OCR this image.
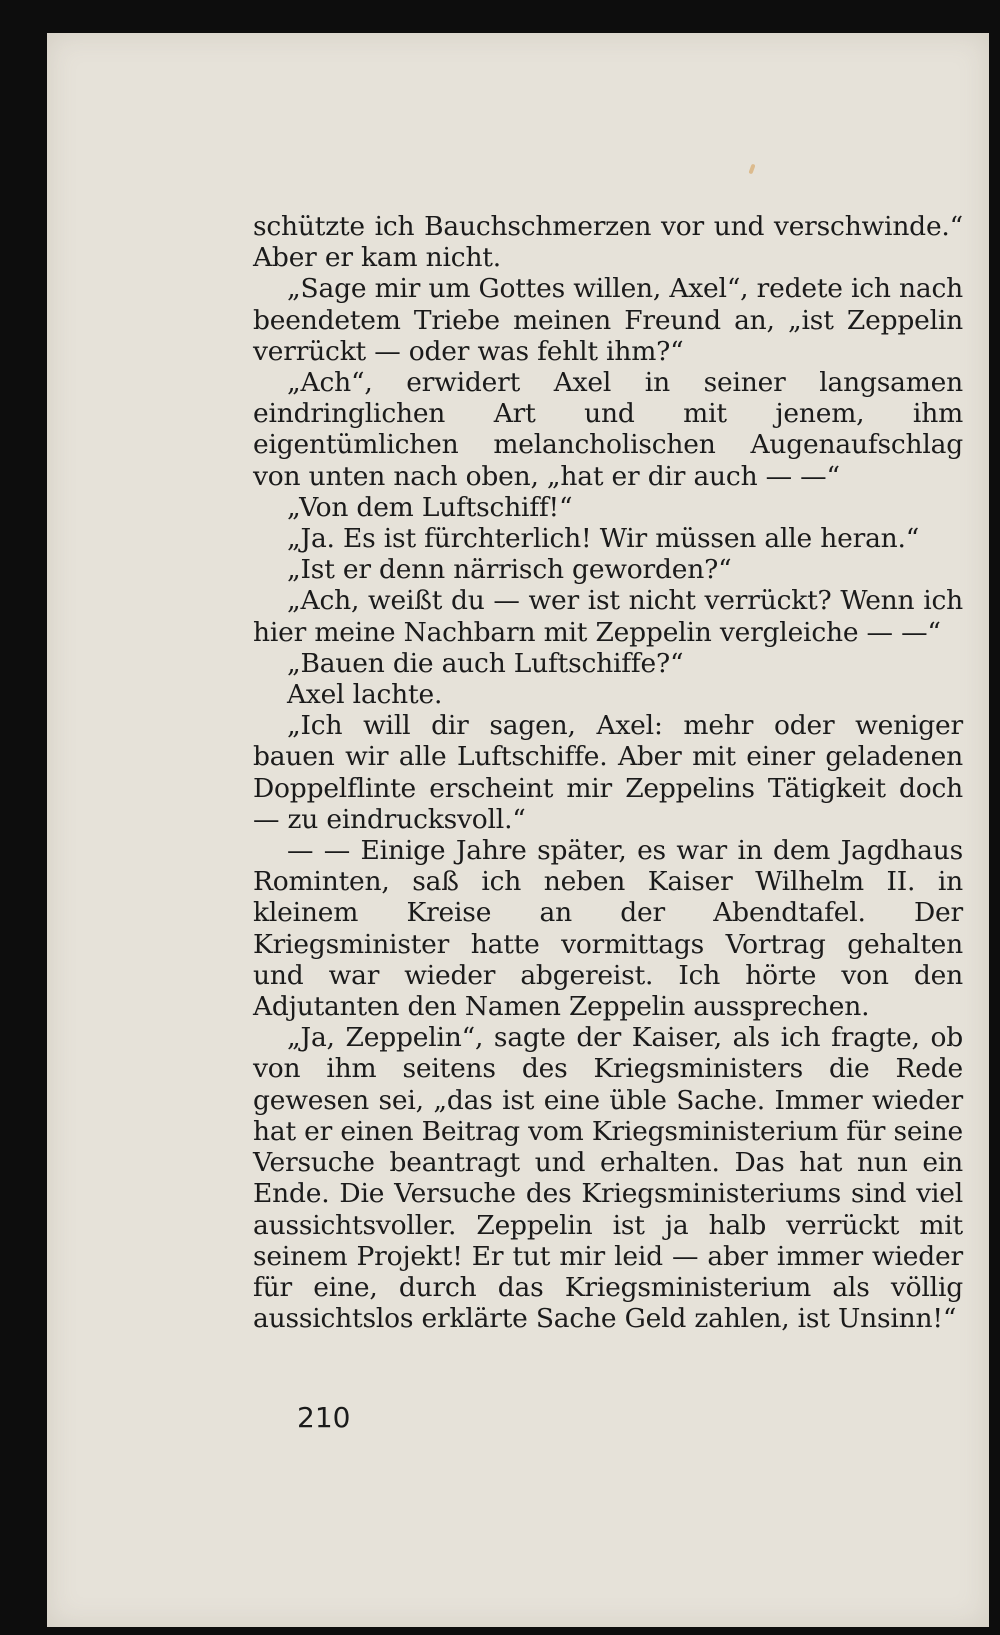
schützte ich Bauchschmerzen vor und verschwinde.“ Aber er kam nicht.

„Sage mir um Gottes willen, Axel“, redete ich nach beendetem Triebe meinen Freund an, „ist Zeppelin verrückt — oder was fehlt ihm?“

„Ach“, erwidert Axel in seiner langsamen eindringlichen Art und mit jenem, ihm eigentümlichen melancholischen Augenaufschlag von unten nach oben, „hat er dir auch — —“

„Von dem Luftschiff!“

„Ja. Es ist fürchterlich! Wir müssen alle heran.“

„Ist er denn närrisch geworden?“

„Ach, weißt du — wer ist nicht verrückt? Wenn ich hier meine Nachbarn mit Zeppelin vergleiche — —“

„Bauen die auch Luftschiffe?“

Axel lachte.

„Ich will dir sagen, Axel: mehr oder weniger bauen wir alle Luftschiffe. Aber mit einer geladenen Doppelflinte erscheint mir Zeppelins Tätigkeit doch — zu eindrucksvoll.“

— — Einige Jahre später, es war in dem Jagdhaus Rominten, saß ich neben Kaiser Wilhelm II. in kleinem Kreise an der Abendtafel. Der Kriegsminister hatte vormittags Vortrag gehalten und war wieder abgereist. Ich hörte von den Adjutanten den Namen Zeppelin aussprechen.

„Ja, Zeppelin“, sagte der Kaiser, als ich fragte, ob von ihm seitens des Kriegsministers die Rede gewesen sei, „das ist eine üble Sache. Immer wieder hat er einen Beitrag vom Kriegsministerium für seine Versuche beantragt und erhalten. Das hat nun ein Ende. Die Versuche des Kriegsministeriums sind viel aussichtsvoller. Zeppelin ist ja halb verrückt mit seinem Projekt! Er tut mir leid — aber immer wieder für eine, durch das Kriegsministerium als völlig aussichtslos erklärte Sache Geld zahlen, ist Unsinn!“

210
